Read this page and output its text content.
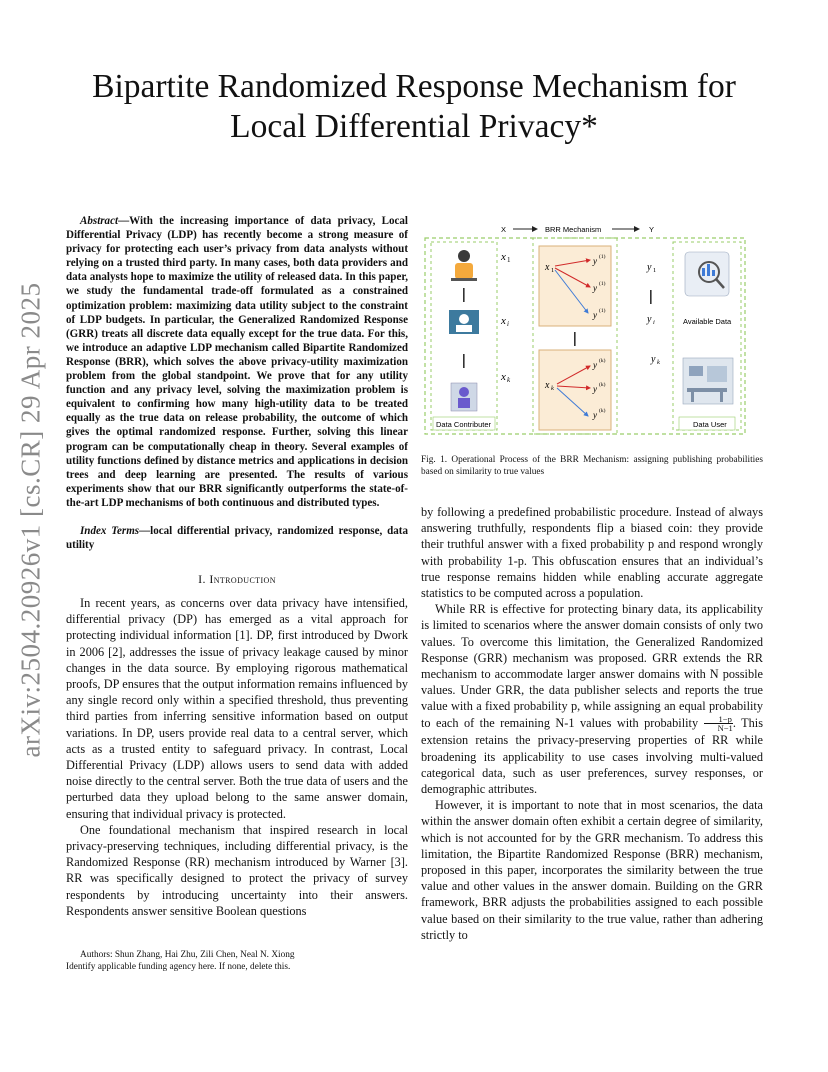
arXiv:2504.20926v1 [cs.CR] 29 Apr 2025
Bipartite Randomized Response Mechanism for
Local Differential Privacy*

Abstract—With the increasing importance of data privacy, Local Differential Privacy (LDP) has recently become a strong measure of privacy for protecting each user’s privacy from data analysts without relying on a trusted third party. In many cases, both data providers and data analysts hope to maximize the utility of released data. In this paper, we study the fundamental trade-off formulated as a constrained optimization problem: maximizing data utility subject to the constraint of LDP budgets. In particular, the Generalized Randomized Response (GRR) treats all discrete data equally except for the true data. For this, we introduce an adaptive LDP mechanism called Bipartite Randomized Response (BRR), which solves the above privacy-utility maximization problem from the global standpoint. We prove that for any utility function and any privacy level, solving the maximization problem is equivalent to confirming how many high-utility data to be treated equally as the true data on release probability, the outcome of which gives the optimal randomized response. Further, solving this linear program can be computationally cheap in theory. Several examples of utility functions defined by distance metrics and applications in decision trees and deep learning are presented. The results of various experiments show that our BRR significantly outperforms the state-of-the-art LDP mechanisms of both continuous and distributed types.

Index Terms—local differential privacy, randomized response, data utility

I. Introduction

In recent years, as concerns over data privacy have intensified, differential privacy (DP) has emerged as a vital approach for protecting individual information [1]. DP, first introduced by Dwork in 2006 [2], addresses the issue of privacy leakage caused by minor changes in the data source. By employing rigorous mathematical proofs, DP ensures that the output information remains influenced by any single record only within a specified threshold, thus preventing third parties from inferring sensitive information based on output variations. In DP, users provide real data to a central server, which acts as a trusted entity to safeguard privacy. In contrast, Local Differential Privacy (LDP) allows users to send data with added noise directly to the central server. Both the true data of users and the perturbed data they upload belong to the same answer domain, ensuring that individual privacy is protected.

One foundational mechanism that inspired research in local privacy-preserving techniques, including differential privacy, is the Randomized Response (RR) mechanism introduced by Warner [3]. RR was specifically designed to protect the privacy of survey respondents by introducing uncertainty into their answers. Respondents answer sensitive Boolean questions

Authors: Shun Zhang, Hai Zhu, Zili Chen, Neal N. Xiong
Identify applicable funding agency here. If none, delete this.
X	BRR Mechanism	Y
x 1
x i
x k
x 1
y (1)
y (1)
y (1)
x k
y (k)
y (k)
y (k)
y 1
y i
y k
Available Data
Data Contributer	Data User
Fig. 1. Operational Process of the BRR Mechanism: assigning publishing probabilities based on similarity to true values

by following a predefined probabilistic procedure. Instead of always answering truthfully, respondents flip a biased coin: they provide their truthful answer with a fixed probability p and respond wrongly with probability 1-p. This obfuscation ensures that an individual’s true response remains hidden while enabling accurate aggregate statistics to be computed across a population.

While RR is effective for protecting binary data, its applicability is limited to scenarios where the answer domain consists of only two values. To overcome this limitation, the Generalized Randomized Response (GRR) mechanism was proposed. GRR extends the RR mechanism to accommodate larger answer domains with N possible values. Under GRR, the data publisher selects and reports the true value with a fixed probability p, while assigning an equal probability to each of the remaining N-1 values with probability $\frac{1-p}{N-1}$ . This extension retains the privacy-preserving properties of RR while broadening its applicability to use cases involving multi-valued categorical data, such as user preferences, survey responses, or demographic attributes.

However, it is important to note that in most scenarios, the data within the answer domain often exhibit a certain degree of similarity, which is not accounted for by the GRR mechanism. To address this limitation, the Bipartite Randomized Response (BRR) mechanism, proposed in this paper, incorporates the similarity between the true value and other values in the answer domain. Building on the GRR framework, BRR adjusts the probabilities assigned to each possible value based on their similarity to the true value, rather than adhering strictly to
